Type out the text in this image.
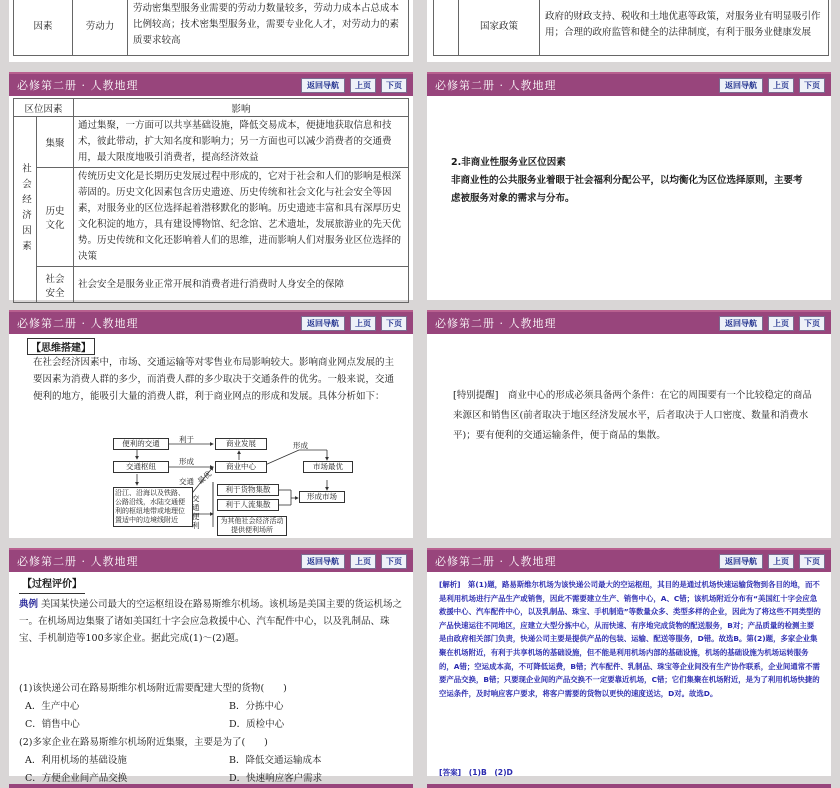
因素	劳动力	劳动密集型服务业需要的劳动力数量较多，劳动力成本占总成本比例较高；技术密集型服务业，需要专业化人才，对劳动力的素质要求较高
	国家政策	政府的财政支持、税收和土地优惠等政策，对服务业有明显吸引作用；合理的政府监管和健全的法律制度，有利于服务业健康发展
必修第二册 · 人教地理	返回导航	上页	下页
区位因素		影响
社会经济因素	集聚	通过集聚，一方面可以共享基础设施，降低交易成本，便捷地获取信息和技术，彼此带动，扩大知名度和影响力；另一方面也可以减少消费者的交通费用，最大限度地吸引消费者，提高经济效益
	历史文化	传统历史文化是长期历史发展过程中形成的，它对于社会和人们的影响是根深蒂固的。历史文化因素包含历史遗迹、历史传统和社会文化与社会安全等因素，对服务业的区位选择起着潜移默化的影响。历史遗迹丰富和具有深厚历史文化积淀的地方，具有建设博物馆、纪念馆、艺术遗址，发展旅游业的先天优势。历史传统和文化还影响着人们的思维，进而影响人们对服务业区位选择的决策
	社会安全	社会安全是服务业正常开展和消费者进行消费时人身安全的保障
必修第二册 · 人教地理	返回导航	上页	下页
2.非商业性服务业区位因素
非商业性的公共服务业着眼于社会福利分配公平，以均衡化为区位选择原则，主要考虑被服务对象的需求与分布。
必修第二册 · 人教地理	返回导航	上页	下页
【思维搭建】
在社会经济因素中，市场、交通运输等对零售业布局影响较大。影响商业网点发展的主要因素为消费人群的多少，而消费人群的多少取决于交通条件的优劣。一般来说，交通便利的地方，能吸引大量的消费人群，利于商业网点的形成和发展。具体分析如下：
便利的交通
交通枢纽
沿江、沿海以及铁路、公路沿线，水陆交通便利的枢纽地带或地理位置适中的边境线附近
商业发展
商业中心
利于货物集散
利于人流集散
为其他社会经济活动提供便利场所
形成市场
市场最优
利于
形成
形成
交通 最优
交通便利
必修第二册 · 人教地理	返回导航	上页	下页
[特别提醒]　商业中心的形成必须具备两个条件：在它的周围要有一个比较稳定的商品来源区和销售区(前者取决于地区经济发展水平，后者取决于人口密度、数量和消费水平)；要有便利的交通运输条件，便于商品的集散。
必修第二册 · 人教地理	返回导航	上页	下页
【过程评价】
典例 美国某快递公司最大的空运枢纽设在路易斯维尔机场。该机场是美国主要的货运机场之一。在机场周边集聚了诸如美国红十字会应急救援中心、汽车配件中心，以及乳制品、珠宝、手机制造等100多家企业。据此完成(1)～(2)题。
(1)该快递公司在路易斯维尔机场附近需要配建大型的货物(　　)
A．生产中心	B．分拣中心
C．销售中心	D．质检中心
(2)多家企业在路易斯维尔机场附近集聚，主要是为了(　　)
A．利用机场的基础设施	B．降低交通运输成本
C．方便企业间产品交换	D．快速响应客户需求
必修第二册 · 人教地理	返回导航	上页	下页
[解析]　第(1)题，路易斯维尔机场为该快递公司最大的空运枢纽，其目的是通过机场快速运输货物到各目的地，而不是利用机场进行产品生产或销售，因此不需要建立生产、销售中心，A、C错；该机场附近分布有“美国红十字会应急救援中心、汽车配件中心，以及乳制品、珠宝、手机制造”等数量众多、类型多样的企业，因此为了将这些不同类型的产品快速运往不同地区，应建立大型分拣中心，从而快速、有序地完成货物的配送服务，B对；产品质量的检测主要是由政府相关部门负责，快递公司主要是提供产品的包装、运输、配送等服务，D错。故选B。第(2)题，多家企业集聚在机场附近，有利于共享机场的基础设施，但不能是利用机场内部的基础设施，机场的基础设施为机场运转服务的，A错；空运成本高，不可降低运费，B错；汽车配件、乳制品、珠宝等企业间没有生产协作联系，企业间通常不需要产品交换，B错；只要现企业间的产品交换不一定要靠近机场，C错；它们集聚在机场附近，是为了利用机场快捷的空运条件，及时响应客户要求，将客户需要的货物以更快的速度送达，D对。故选D。
[答案]　(1)B　(2)D
